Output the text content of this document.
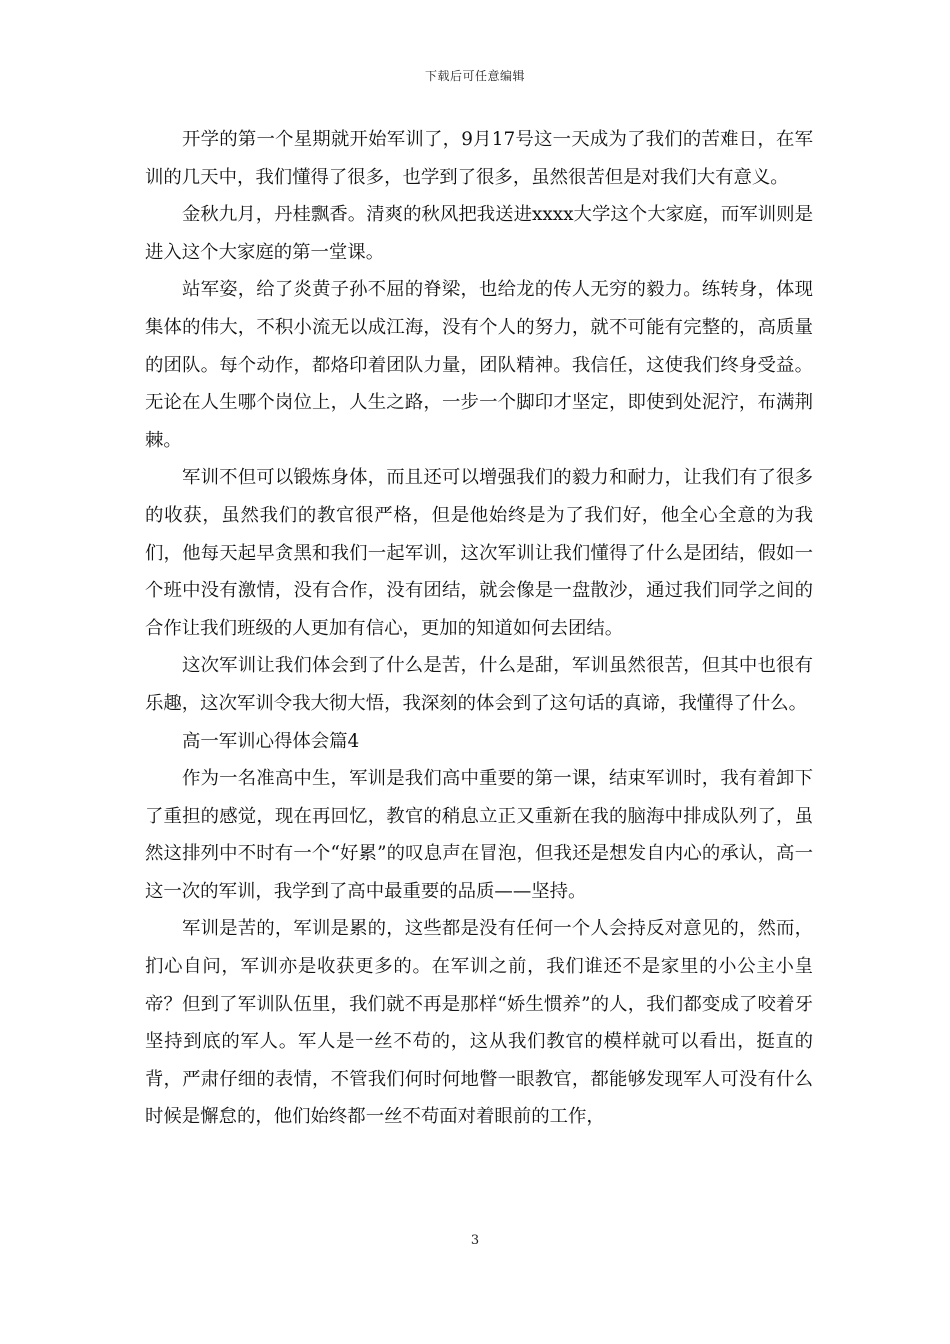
下载后可任意编辑

开学的第一个星期就开始军训了，9月17号这一天成为了我们的苦难日，在军训的几天中，我们懂得了很多，也学到了很多，虽然很苦但是对我们大有意义。

金秋九月，丹桂飘香。清爽的秋风把我送进xxxx大学这个大家庭，而军训则是进入这个大家庭的第一堂课。

站军姿，给了炎黄子孙不屈的脊梁，也给龙的传人无穷的毅力。练转身，体现集体的伟大，不积小流无以成江海，没有个人的努力，就不可能有完整的，高质量的团队。每个动作，都烙印着团队力量，团队精神。我信任，这使我们终身受益。无论在人生哪个岗位上，人生之路，一步一个脚印才坚定，即使到处泥泞，布满荆棘。

军训不但可以锻炼身体，而且还可以增强我们的毅力和耐力，让我们有了很多的收获，虽然我们的教官很严格，但是他始终是为了我们好，他全心全意的为我们，他每天起早贪黑和我们一起军训，这次军训让我们懂得了什么是团结，假如一个班中没有激情，没有合作，没有团结，就会像是一盘散沙，通过我们同学之间的合作让我们班级的人更加有信心，更加的知道如何去团结。

这次军训让我们体会到了什么是苦，什么是甜，军训虽然很苦，但其中也很有乐趣，这次军训令我大彻大悟，我深刻的体会到了这句话的真谛，我懂得了什么。

高一军训心得体会篇4

作为一名准高中生，军训是我们高中重要的第一课，结束军训时，我有着卸下了重担的感觉，现在再回忆，教官的稍息立正又重新在我的脑海中排成队列了，虽然这排列中不时有一个“好累”的叹息声在冒泡，但我还是想发自内心的承认，高一这一次的军训，我学到了高中最重要的品质——坚持。

军训是苦的，军训是累的，这些都是没有任何一个人会持反对意见的，然而，扪心自问，军训亦是收获更多的。在军训之前，我们谁还不是家里的小公主小皇帝？但到了军训队伍里，我们就不再是那样“娇生惯养”的人，我们都变成了咬着牙坚持到底的军人。军人是一丝不苟的，这从我们教官的模样就可以看出，挺直的背，严肃仔细的表情，不管我们何时何地瞥一眼教官，都能够发现军人可没有什么时候是懈怠的，他们始终都一丝不苟面对着眼前的工作，

3
